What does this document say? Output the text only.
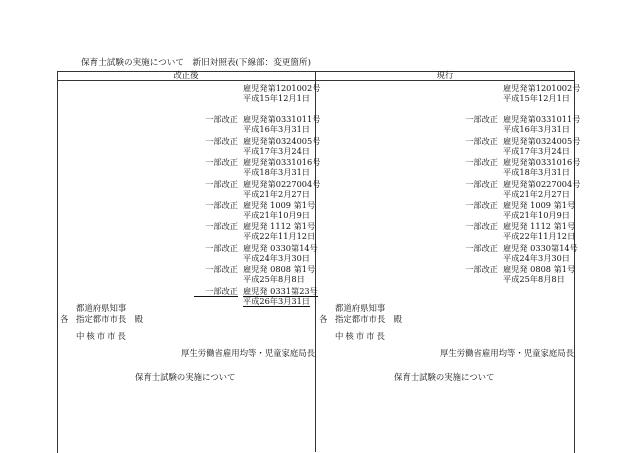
保育士試験の実施について　新旧対照表(下線部：変更箇所)
改正後	現行
雇児発第1201002号
平成15年12月1日
一部改正 雇児発第0331011号
平成16年3月31日
一部改正 雇児発第0324005号
平成17年3月24日
一部改正 雇児発第0331016号
平成18年3月31日
一部改正 雇児発第0227004号
平成21年2月27日
一部改正 雇児発 1009 第1号
平成21年10月9日
一部改正 雇児発 1112 第1号
平成22年11月12日
一部改正 雇児発 0330第14号
平成24年3月30日
一部改正 雇児発 0808 第1号
平成25年8月8日
一部改正 雇児発 0331第23号
平成26年3月31日
雇児発第1201002号
平成15年12月1日
一部改正 雇児発第0331011号
平成16年3月31日
一部改正 雇児発第0324005号
平成17年3月24日
一部改正 雇児発第0331016号
平成18年3月31日
一部改正 雇児発第0227004号
平成21年2月27日
一部改正 雇児発 1009 第1号
平成21年10月9日
一部改正 雇児発 1112 第1号
平成22年11月12日
一部改正 雇児発 0330第14号
平成24年3月30日
一部改正 雇児発 0808 第1号
平成25年8月8日
都道府県知事
各 指定都市市長　殿
中核市市長
厚生労働省雇用均等・児童家庭局長
保育士試験の実施について
都道府県知事
各 指定都市市長　殿
中核市市長
厚生労働省雇用均等・児童家庭局長
保育士試験の実施について
